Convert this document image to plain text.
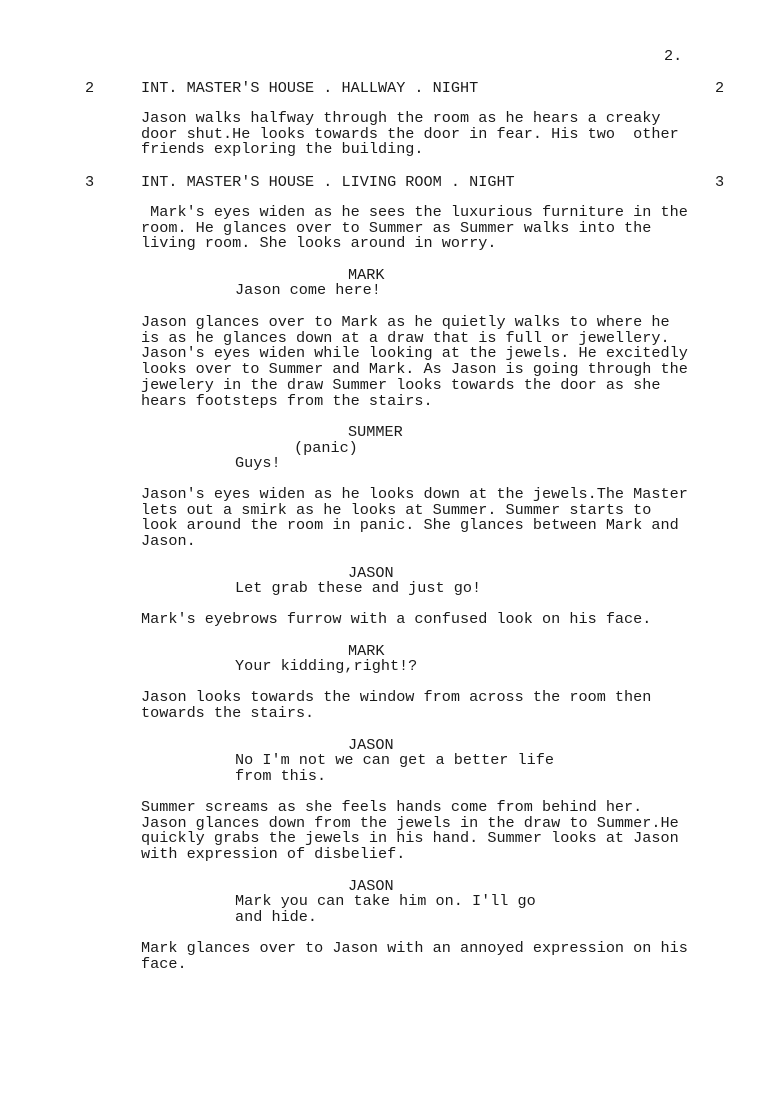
2.
2	INT. MASTER'S HOUSE . HALLWAY . NIGHT	2

Jason walks halfway through the room as he hears a creaky
door shut.He looks towards the door in fear. His two  other
friends exploring the building.

3	INT. MASTER'S HOUSE . LIVING ROOM . NIGHT	3

Mark's eyes widen as he sees the luxurious furniture in the
room. He glances over to Summer as Summer walks into the
living room. She looks around in worry.

MARK

Jason come here!

Jason glances over to Mark as he quietly walks to where he
is as he glances down at a draw that is full or jewellery.
Jason's eyes widen while looking at the jewels. He excitedly
looks over to Summer and Mark. As Jason is going through the
jewelery in the draw Summer looks towards the door as she
hears footsteps from the stairs.

SUMMER
(panic)

Guys!

Jason's eyes widen as he looks down at the jewels.The Master
lets out a smirk as he looks at Summer. Summer starts to
look around the room in panic. She glances between Mark and
Jason.

JASON

Let grab these and just go!

Mark's eyebrows furrow with a confused look on his face.

MARK

Your kidding,right!?

Jason looks towards the window from across the room then
towards the stairs.

JASON

No I'm not we can get a better life
from this.

Summer screams as she feels hands come from behind her.
Jason glances down from the jewels in the draw to Summer.He
quickly grabs the jewels in his hand. Summer looks at Jason
with expression of disbelief.

JASON

Mark you can take him on. I'll go
and hide.

Mark glances over to Jason with an annoyed expression on his
face.
